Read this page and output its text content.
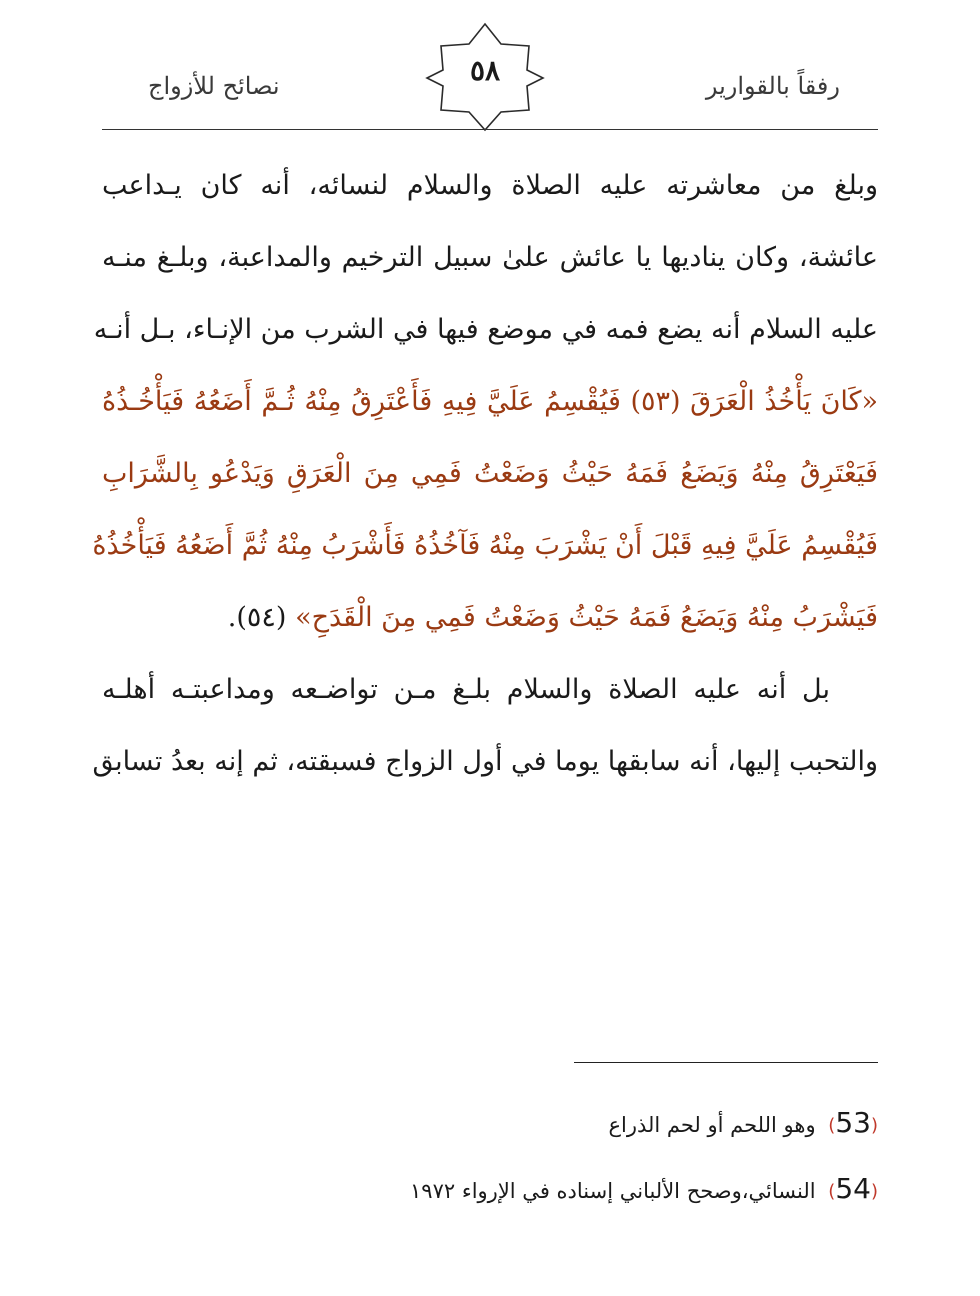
رفقاً بالقوارير
٥٨
نصائح للأزواج
وبلغ من معاشرته عليه الصلاة والسلام لنسائه، أنه كان يـداعب
عائشة، وكان يناديها يا عائش علىٰ سبيل الترخيم والمداعبة، وبلـغ منـه
عليه السلام أنه يضع فمه في موضع فيها في الشرب من الإنـاء، بـل أنـه
«كَانَ يَأْخُذُ الْعَرَقَ (٥٣) فَيُقْسِمُ عَلَيَّ فِيهِ فَأَعْتَرِقُ مِنْهُ ثُـمَّ أَضَعُهُ فَيَأْخُـذُهُ
فَيَعْتَرِقُ مِنْهُ وَيَضَعُ فَمَهُ حَيْثُ وَضَعْتُ فَمِي مِنَ الْعَرَقِ وَيَدْعُو بِالشَّرَابِ
فَيُقْسِمُ عَلَيَّ فِيهِ قَبْلَ أَنْ يَشْرَبَ مِنْهُ فَآخُذُهُ فَأَشْرَبُ مِنْهُ ثُمَّ أَضَعُهُ فَيَأْخُذُهُ
فَيَشْرَبُ مِنْهُ وَيَضَعُ فَمَهُ حَيْثُ وَضَعْتُ فَمِي مِنَ الْقَدَحِ» (٥٤).
بل أنه عليه الصلاة والسلام بلـغ مـن تواضـعه ومداعبتـه أهلـه
والتحبب إليها، أنه سابقها يوما في أول الزواج فسبقته، ثم إنه بعدُ تسابق
(53) وهو اللحم أو لحم الذراع
(54) النسائي،وصحح الألباني إسناده في الإرواء ١٩٧٢
